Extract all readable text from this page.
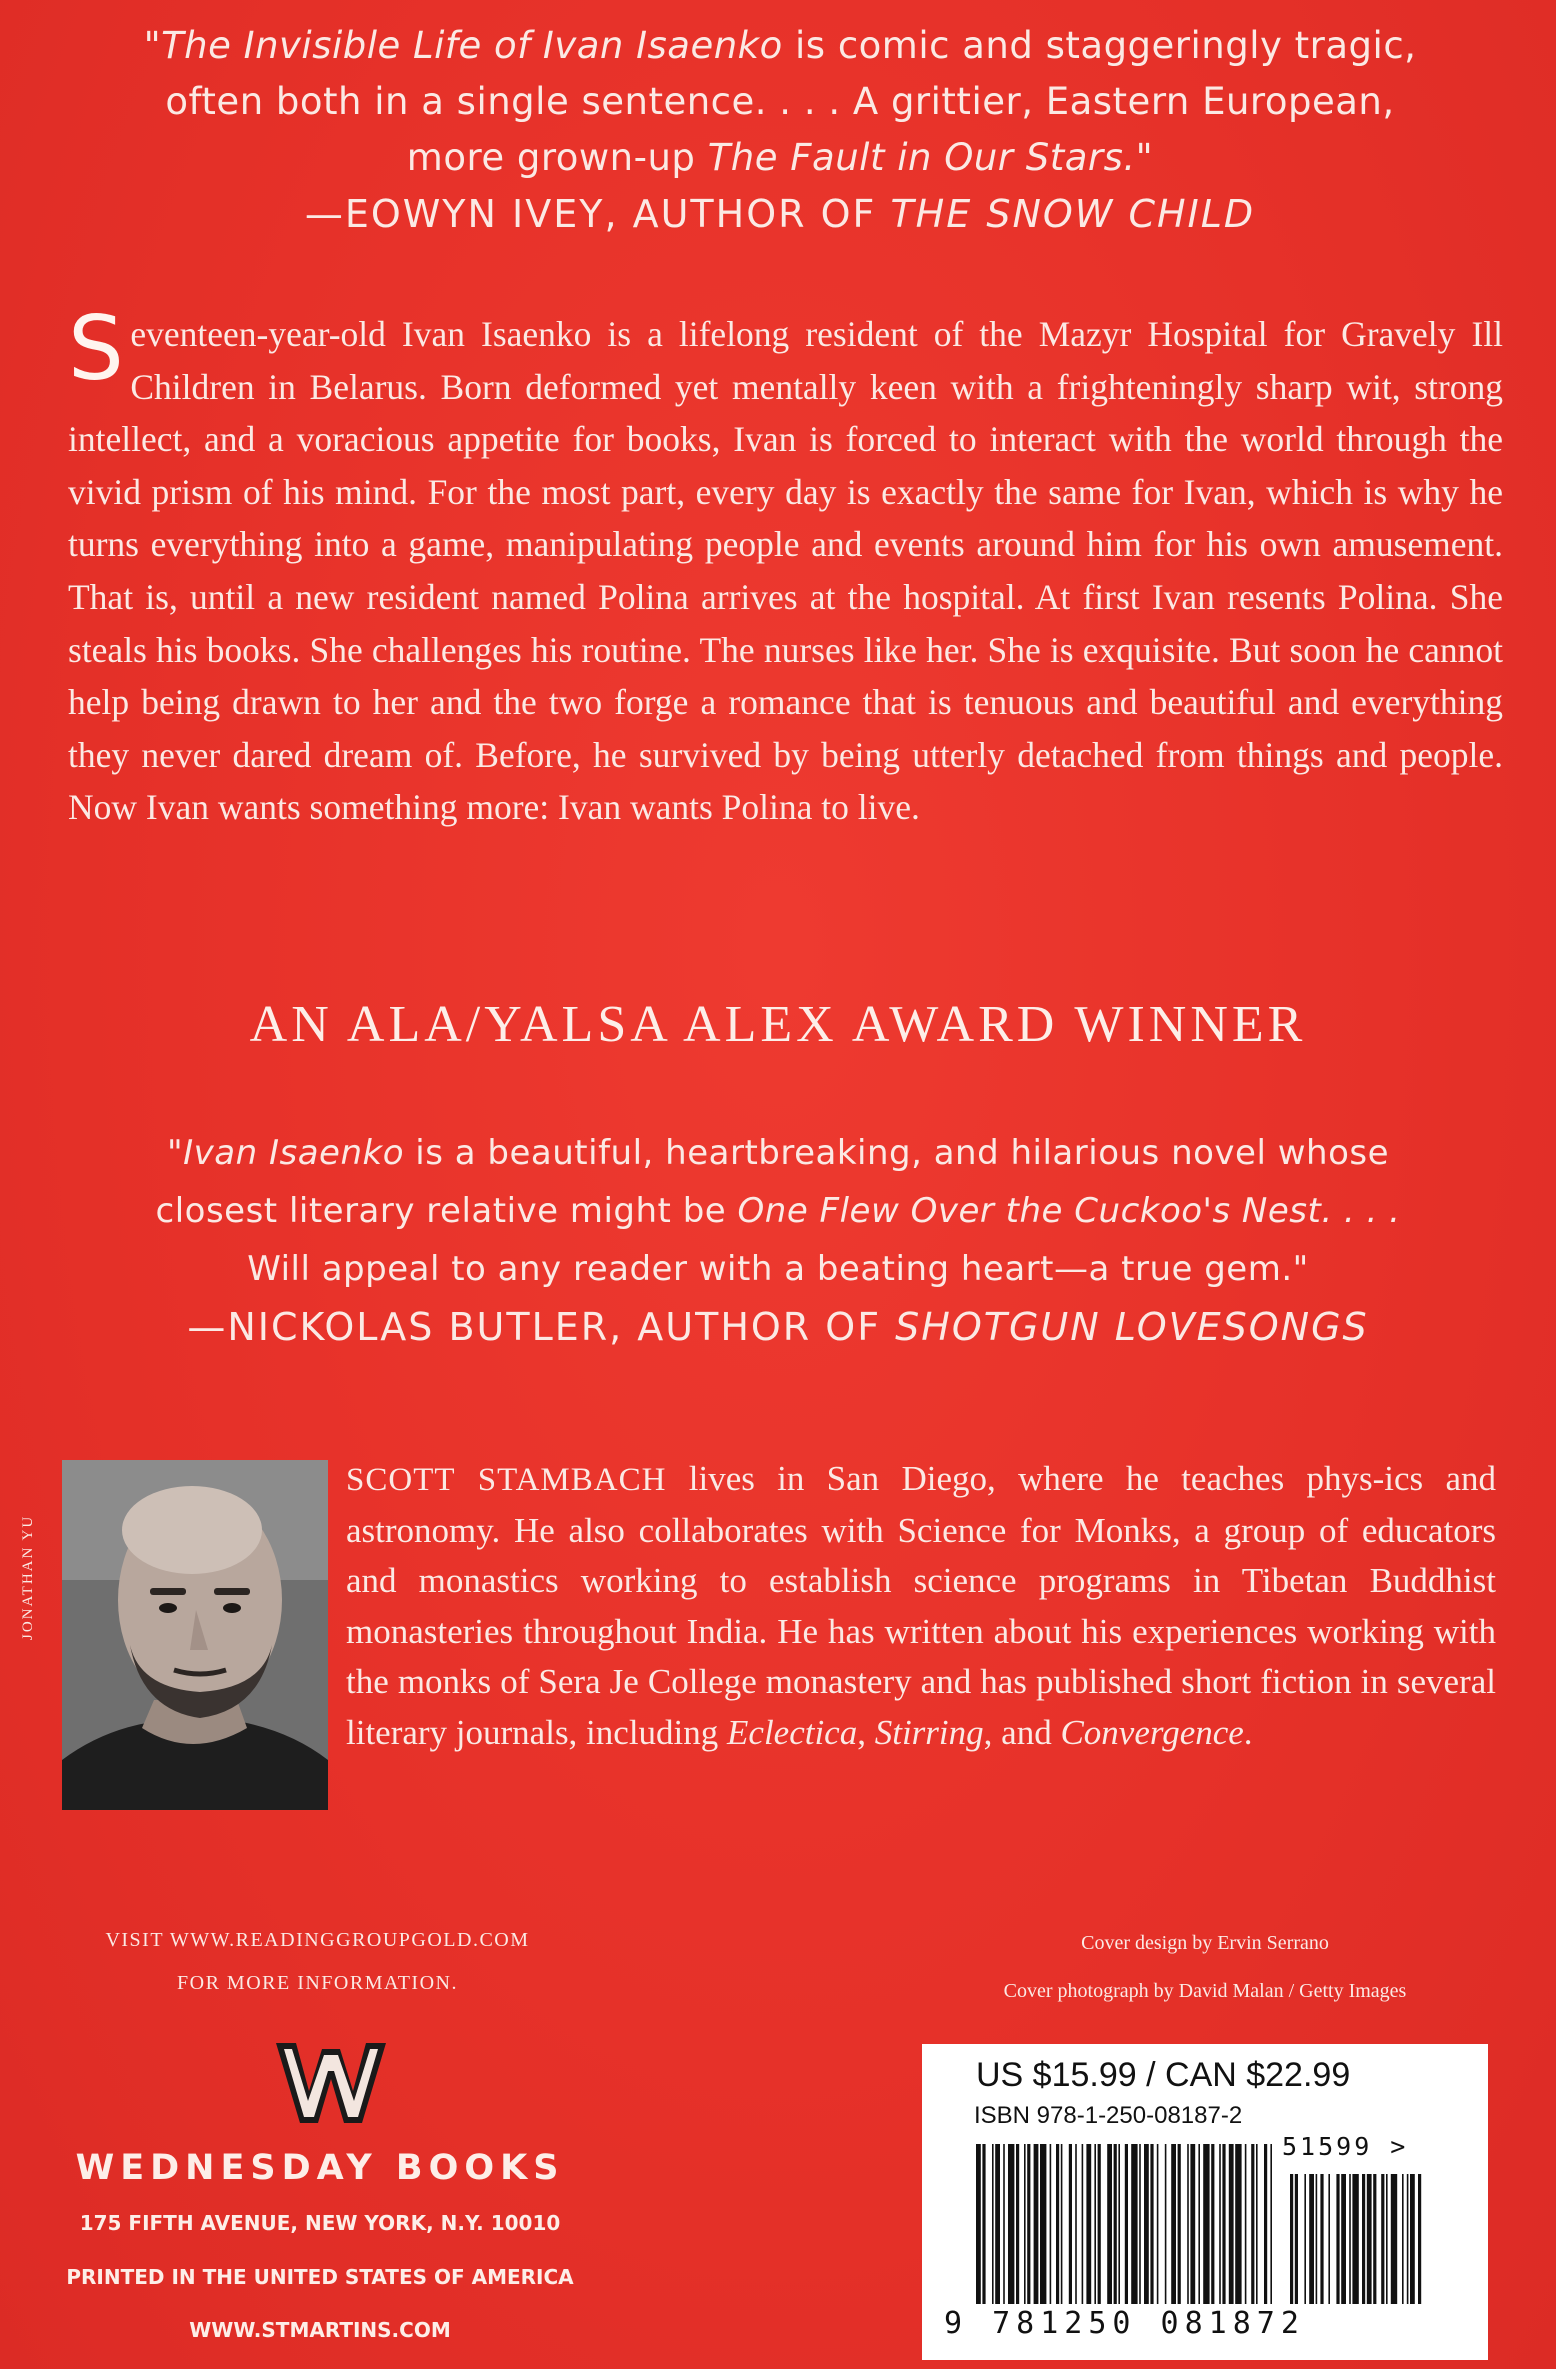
"The Invisible Life of Ivan Isaenko is comic and staggeringly tragic,
often both in a single sentence. . . . A grittier, Eastern European,
more grown-up The Fault in Our Stars."
—EOWYN IVEY, AUTHOR OF THE SNOW CHILD
Seventeen-year-old Ivan Isaenko is a lifelong resident of the Mazyr Hospital for Gravely Ill Children in Belarus. Born deformed yet mentally keen with a frighteningly sharp wit, strong intellect, and a voracious appetite for books, Ivan is forced to interact with the world through the vivid prism of his mind. For the most part, every day is exactly the same for Ivan, which is why he turns everything into a game, manipulating people and events around him for his own amusement. That is, until a new resident named Polina arrives at the hospital. At first Ivan resents Polina. She steals his books. She challenges his routine. The nurses like her. She is exquisite. But soon he cannot help being drawn to her and the two forge a romance that is tenuous and beautiful and everything they never dared dream of. Before, he survived by being utterly detached from things and people. Now Ivan wants something more: Ivan wants Polina to live.
AN ALA/YALSA ALEX AWARD WINNER
"Ivan Isaenko is a beautiful, heartbreaking, and hilarious novel whose
closest literary relative might be One Flew Over the Cuckoo's Nest. . . .
Will appeal to any reader with a beating heart—a true gem."
—NICKOLAS BUTLER, AUTHOR OF SHOTGUN LOVESONGS
JONATHAN YU
SCOTT STAMBACH lives in San Diego, where he teaches phys-ics and astronomy. He also collaborates with Science for Monks, a group of educators and monastics working to establish science programs in Tibetan Buddhist monasteries throughout India. He has written about his experiences working with the monks of Sera Je College monastery and has published short fiction in several literary journals, including Eclectica, Stirring, and Convergence.
VISIT WWW.READINGGROUPGOLD.COM
FOR MORE INFORMATION.
Cover design by Ervin Serrano
Cover photograph by David Malan / Getty Images
WEDNESDAY BOOKS
175 FIFTH AVENUE, NEW YORK, N.Y. 10010
PRINTED IN THE UNITED STATES OF AMERICA
WWW.STMARTINS.COM
US $15.99 / CAN $22.99
ISBN 978-1-250-08187-2
51599 >
9 781250 081872
